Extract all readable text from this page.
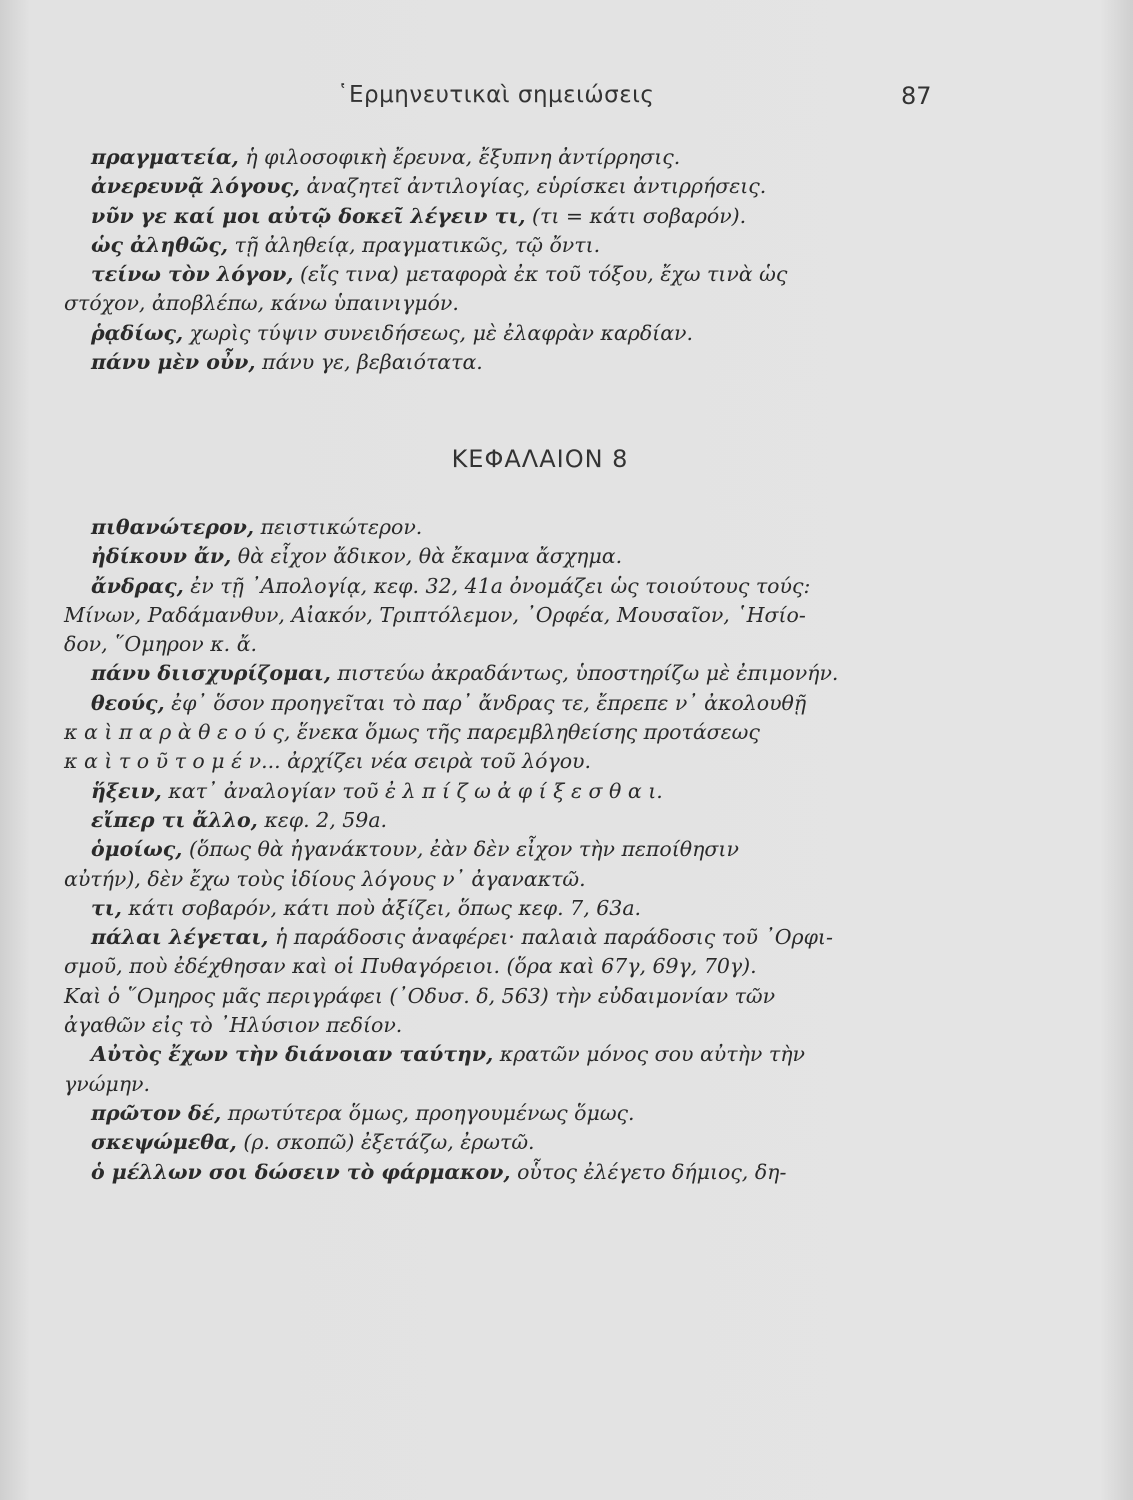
῾Ερμηνευτικαὶ σημειώσεις	87

πραγματεία, ἡ φιλοσοφικὴ ἔρευνα, ἔξυπνη ἀντίρρησις.

ἀνερευνᾷ λόγους, ἀναζητεῖ ἀντιλογίας, εὑρίσκει ἀντιρρήσεις.

νῦν γε καί μοι αὐτῷ δοκεῖ λέγειν τι, (τι = κάτι σοβαρόν).

ὡς ἀληθῶς, τῇ ἀληθείᾳ, πραγματικῶς, τῷ ὄντι.

τείνω τὸν λόγον, (εἴς τινα) μεταφορὰ ἐκ τοῦ τόξου, ἔχω τινὰ ὡς

στόχον, ἀποβλέπω, κάνω ὑπαινιγμόν.

ῥᾳδίως, χωρὶς τύψιν συνειδήσεως, μὲ ἐλαφρὰν καρδίαν.

πάνυ μὲν οὖν, πάνυ γε, βεβαιότατα.

ΚΕΦΑΛΑΙΟΝ 8

πιθανώτερον, πειστικώτερον.

ἠδίκουν ἄν, θὰ εἶχον ἄδικον, θὰ ἔκαμνα ἄσχημα.

ἄνδρας, ἐν τῇ ᾿Απολογίᾳ, κεφ. 32, 41a ὀνομάζει ὡς τοιούτους τούς:

Μίνων, Ραδάμανθυν, Αἰακόν, Τριπτόλεμον, ᾿Ορφέα, Μουσαῖον, ῾Ησίο-

δον, ῞Ομηρον κ. ἄ.

πάνυ διισχυρίζομαι, πιστεύω ἀκραδάντως, ὑποστηρίζω μὲ ἐπιμονήν.

θεούς, ἐφ᾿ ὅσον προηγεῖται τὸ παρ᾿ ἄνδρας τε, ἔπρεπε ν᾿ ἀκολουθῇ

κ α ὶ π α ρ ὰ θ ε ο ύ ς, ἕνεκα ὅμως τῆς παρεμβληθείσης προτάσεως

κ α ὶ τ ο ῦ τ ο μ έ ν... ἀρχίζει νέα σειρὰ τοῦ λόγου.

ἥξειν, κατ᾿ ἀναλογίαν τοῦ ἐ λ π ί ζ ω ἀ φ ί ξ ε σ θ α ι.

εἴπερ τι ἄλλο, κεφ. 2, 59a.

ὁμοίως, (ὅπως θὰ ἠγανάκτουν, ἐὰν δὲν εἶχον τὴν πεποίθησιν

αὐτήν), δὲν ἔχω τοὺς ἰδίους λόγους ν᾿ ἀγανακτῶ.

τι, κάτι σοβαρόν, κάτι ποὺ ἀξίζει, ὅπως κεφ. 7, 63a.

πάλαι λέγεται, ἡ παράδοσις ἀναφέρει· παλαιὰ παράδοσις τοῦ ᾿Ορφι-

σμοῦ, ποὺ ἐδέχθησαν καὶ οἱ Πυθαγόρειοι. (ὅρα καὶ 67γ, 69γ, 70γ).

Καὶ ὁ ῞Ομηρος μᾶς περιγράφει (᾿Οδυσ. δ, 563) τὴν εὐδαιμονίαν τῶν

ἀγαθῶν εἰς τὸ ᾿Ηλύσιον πεδίον.

Αὐτὸς ἔχων τὴν διάνοιαν ταύτην, κρατῶν μόνος σου αὐτὴν τὴν

γνώμην.

πρῶτον δέ, πρωτύτερα ὅμως, προηγουμένως ὅμως.

σκεψώμεθα, (ρ. σκοπῶ) ἐξετάζω, ἐρωτῶ.

ὁ μέλλων σοι δώσειν τὸ φάρμακον, οὗτος ἐλέγετο δήμιος, δη-
